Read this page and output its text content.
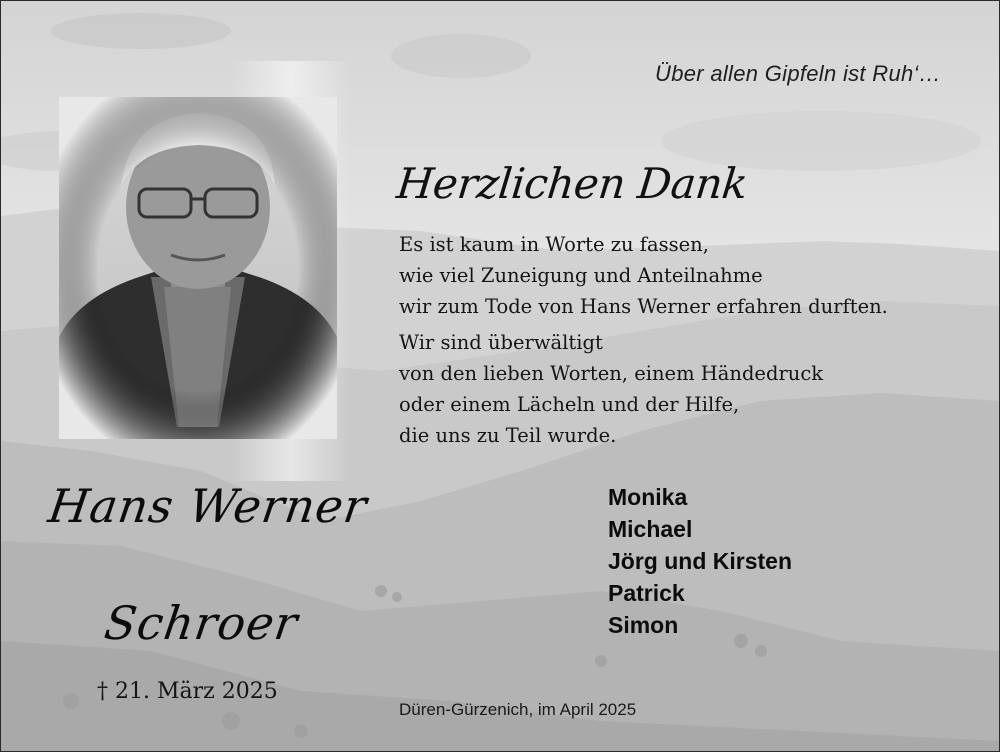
Über allen Gipfeln ist Ruh‘…
Herzlichen Dank
Es ist kaum in Worte zu fassen,
wie viel Zuneigung und Anteilnahme
wir zum Tode von Hans Werner erfahren durften.
Wir sind überwältigt
von den lieben Worten, einem Händedruck
oder einem Lächeln und der Hilfe,
die uns zu Teil wurde.
Monika
Michael
Jörg und Kirsten
Patrick
Simon
Hans Werner
Schroer
† 21. März 2025
Düren-Gürzenich, im April 2025
